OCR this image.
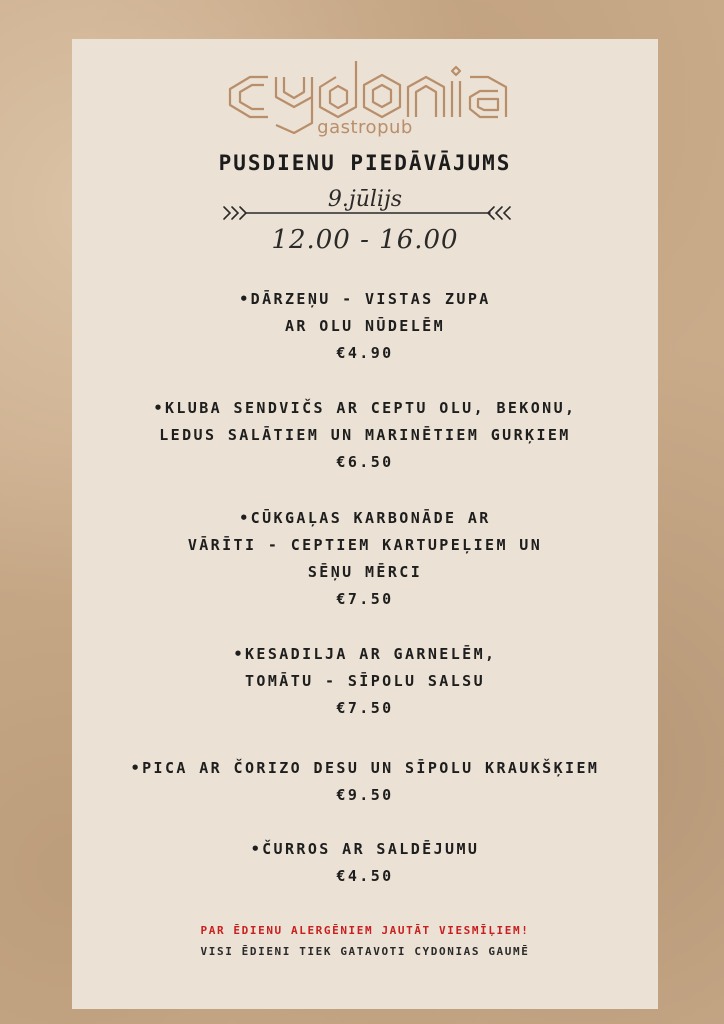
gastropub
PUSDIENU PIEDĀVĀJUMS
9.jūlijs
12.00 - 16.00
•DĀRZEŅU - VISTAS ZUPA
AR OLU NŪDELĒM
€4.90
•KLUBA SENDVIČS AR CEPTU OLU, BEKONU,
LEDUS SALĀTIEM UN MARINĒTIEM GURĶIEM
€6.50
•CŪKGAĻAS KARBONĀDE AR
VĀRĪTI - CEPTIEM KARTUPEĻIEM UN
SĒŅU MĒRCI
€7.50
•KESADILJA AR GARNELĒM,
TOMĀTU - SĪPOLU SALSU
€7.50
•PICA AR ČORIZO DESU UN SĪPOLU KRAUKŠĶIEM
€9.50
•ČURROS AR SALDĒJUMU
€4.50
PAR ĒDIENU ALERGĒNIEM JAUTĀT VIESMĪĻIEM!
VISI ĒDIENI TIEK GATAVOTI CYDONIAS GAUMĒ
